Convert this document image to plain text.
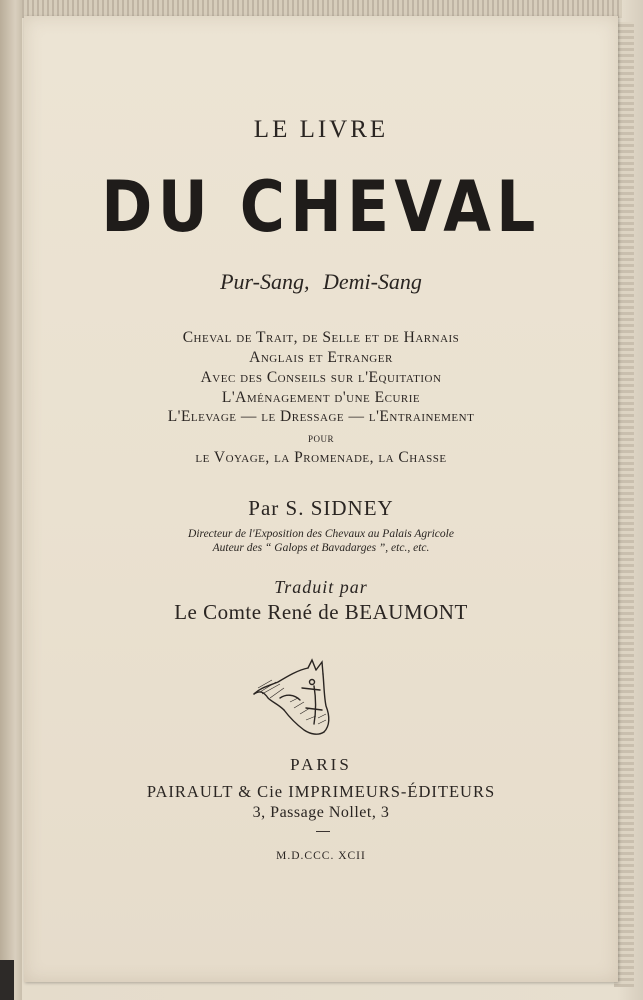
LE LIVRE
DU CHEVAL
Pur-Sang, Demi-Sang
Cheval de Trait, de Selle et de Harnais
Anglais et Etranger
Avec des Conseils sur l'Equitation
L'Aménagement d'une Ecurie
L'Elevage — le Dressage — l'Entrainement
pour
le Voyage, la Promenade, la Chasse
Par S. SIDNEY
Directeur de l'Exposition des Chevaux au Palais Agricole
Auteur des “ Galops et Bavadarges ”, etc., etc.
Traduit par
Le Comte René de BEAUMONT
PARIS
PAIRAULT & Cie IMPRIMEURS-ÉDITEURS
3, Passage Nollet, 3
M.D.CCC. XCII
